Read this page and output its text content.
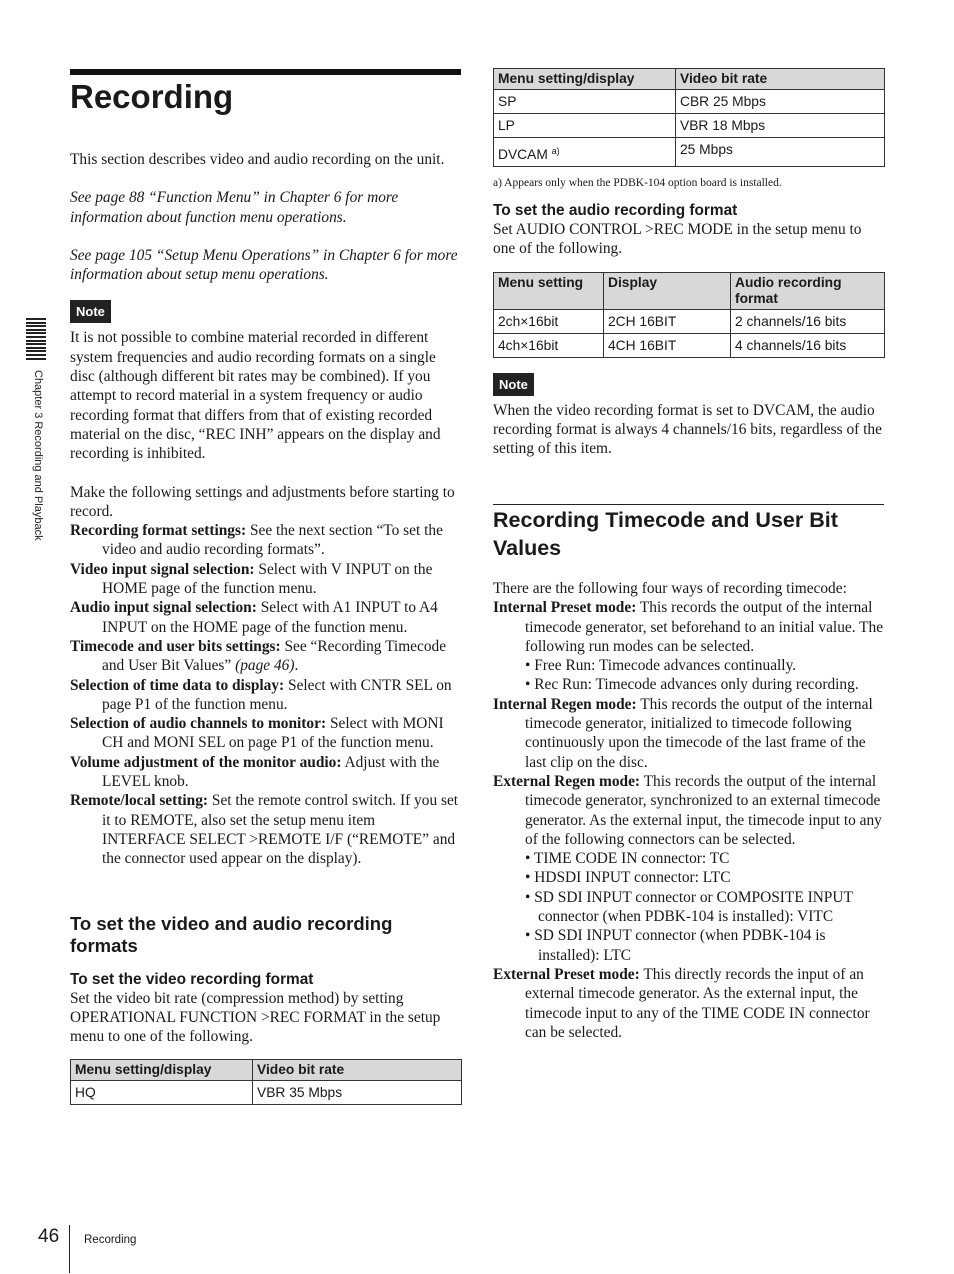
Recording
Chapter 3 Recording and Playback

This section describes video and audio recording on the unit.

See page 88 “Function Menu” in Chapter 6 for more information about function menu operations.

See page 105 “Setup Menu Operations” in Chapter 6 for more information about setup menu operations.

Note

It is not possible to combine material recorded in different system frequencies and audio recording formats on a single disc (although different bit rates may be combined). If you attempt to record material in a system frequency or audio recording format that differs from that of existing recorded material on the disc, “REC INH” appears on the display and recording is inhibited.

Make the following settings and adjustments before starting to record.

Recording format settings: See the next section “To set the video and audio recording formats”.

Video input signal selection: Select with V INPUT on the HOME page of the function menu.

Audio input signal selection: Select with A1 INPUT to A4 INPUT on the HOME page of the function menu.

Timecode and user bits settings: See “Recording Timecode and User Bit Values” (page 46).

Selection of time data to display: Select with CNTR SEL on page P1 of the function menu.

Selection of audio channels to monitor: Select with MONI CH and MONI SEL on page P1 of the function menu.

Volume adjustment of the monitor audio: Adjust with the LEVEL knob.

Remote/local setting: Set the remote control switch. If you set it to REMOTE, also set the setup menu item INTERFACE SELECT >REMOTE I/F (“REMOTE” and the connector used appear on the display).

To set the video and audio recording formats
To set the video recording format

Set the video bit rate (compression method) by setting OPERATIONAL FUNCTION >REC FORMAT in the setup menu to one of the following.

Menu setting/display	Video bit rate
HQ	VBR 35 Mbps
Menu setting/display	Video bit rate
SP	CBR 25 Mbps
LP	VBR 18 Mbps
DVCAM $^{a)}$	25 Mbps

a) Appears only when the PDBK-104 option board is installed.

To set the audio recording format

Set AUDIO CONTROL >REC MODE in the setup menu to one of the following.

Menu setting	Display	Audio recording format
2ch×16bit	2CH 16BIT	2 channels/16 bits
4ch×16bit	4CH 16BIT	4 channels/16 bits
Note

When the video recording format is set to DVCAM, the audio recording format is always 4 channels/16 bits, regardless of the setting of this item.

Recording Timecode and User Bit Values

There are the following four ways of recording timecode:

Internal Preset mode: This records the output of the internal timecode generator, set beforehand to an initial value. The following run modes can be selected.

• Free Run: Timecode advances continually.

• Rec Run: Timecode advances only during recording.

Internal Regen mode: This records the output of the internal timecode generator, initialized to timecode following continuously upon the timecode of the last frame of the last clip on the disc.

External Regen mode: This records the output of the internal timecode generator, synchronized to an external timecode generator. As the external input, the timecode input to any of the following connectors can be selected.

• TIME CODE IN connector: TC

• HDSDI INPUT connector: LTC

• SD SDI INPUT connector or COMPOSITE INPUT connector (when PDBK-104 is installed): VITC

• SD SDI INPUT connector (when PDBK-104 is installed): LTC

External Preset mode: This directly records the input of an external timecode generator. As the external input, the timecode input to any of the TIME CODE IN connector can be selected.

46 Recording
